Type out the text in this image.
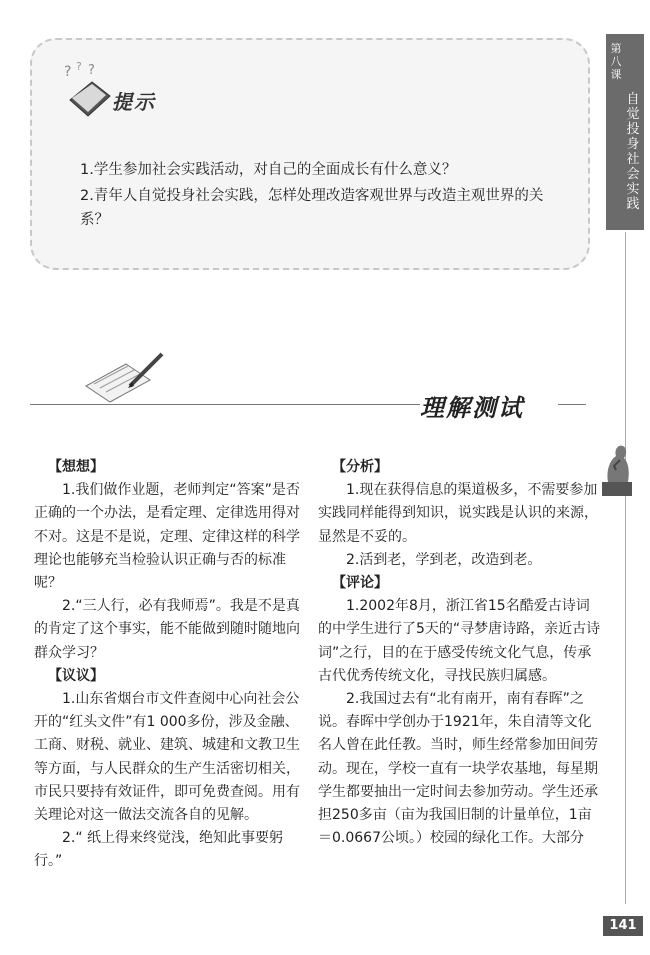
第八课
自觉投身社会实践
? ? ?
提示
1.学生参加社会实践活动，对自己的全面成长有什么意义？
2.青年人自觉投身社会实践，怎样处理改造客观世界与改造主观世界的关系？
理解测试

【想想】

1.我们做作业题，老师判定“答案”是否正确的一个办法，是看定理、定律选用得对不对。这是不是说，定理、定律这样的科学理论也能够充当检验认识正确与否的标准呢？

2.“三人行，必有我师焉”。我是不是真的肯定了这个事实，能不能做到随时随地向群众学习？

【议议】

1.山东省烟台市文件查阅中心向社会公开的“红头文件”有1 000多份，涉及金融、工商、财税、就业、建筑、城建和文教卫生等方面，与人民群众的生产生活密切相关，市民只要持有效证件，即可免费查阅。用有关理论对这一做法交流各自的见解。

2.“ 纸上得来终觉浅，绝知此事要躬行。”

【分析】

1.现在获得信息的渠道极多，不需要参加实践同样能得到知识，说实践是认识的来源，显然是不妥的。

2.活到老，学到老，改造到老。

【评论】

1.2002年8月，浙江省15名酷爱古诗词的中学生进行了5天的“寻梦唐诗路，亲近古诗词”之行，目的在于感受传统文化气息，传承古代优秀传统文化，寻找民族归属感。

2.我国过去有“北有南开，南有春晖”之说。春晖中学创办于1921年，朱自清等文化名人曾在此任教。当时，师生经常参加田间劳动。现在，学校一直有一块学农基地，每星期学生都要抽出一定时间去参加劳动。学生还承担250多亩（亩为我国旧制的计量单位，1亩＝0.0667公顷。）校园的绿化工作。大部分

141
